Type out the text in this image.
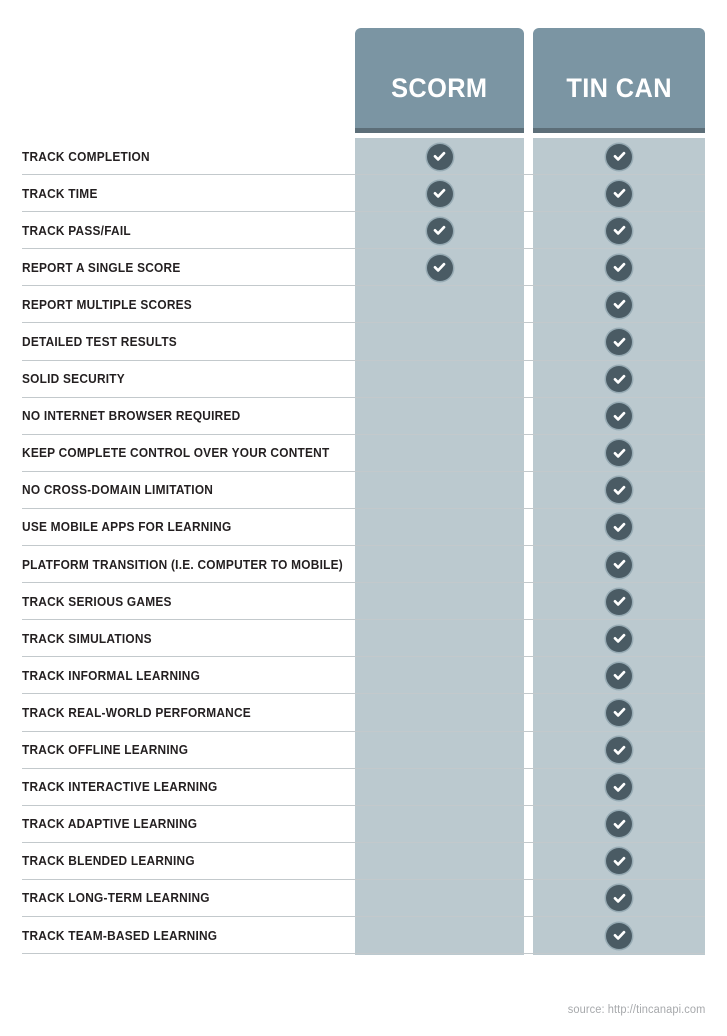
SCORM	TIN CAN
TRACK COMPLETION
TRACK TIME
TRACK PASS/FAIL
REPORT A SINGLE SCORE
REPORT MULTIPLE SCORES
DETAILED TEST RESULTS
SOLID SECURITY
NO INTERNET BROWSER REQUIRED
KEEP COMPLETE CONTROL OVER YOUR CONTENT
NO CROSS-DOMAIN LIMITATION
USE MOBILE APPS FOR LEARNING
PLATFORM TRANSITION (I.E. COMPUTER TO MOBILE)
TRACK SERIOUS GAMES
TRACK SIMULATIONS
TRACK INFORMAL LEARNING
TRACK REAL-WORLD PERFORMANCE
TRACK OFFLINE LEARNING
TRACK INTERACTIVE LEARNING
TRACK ADAPTIVE LEARNING
TRACK BLENDED LEARNING
TRACK LONG-TERM LEARNING
TRACK TEAM-BASED LEARNING
source: http://tincanapi.com
